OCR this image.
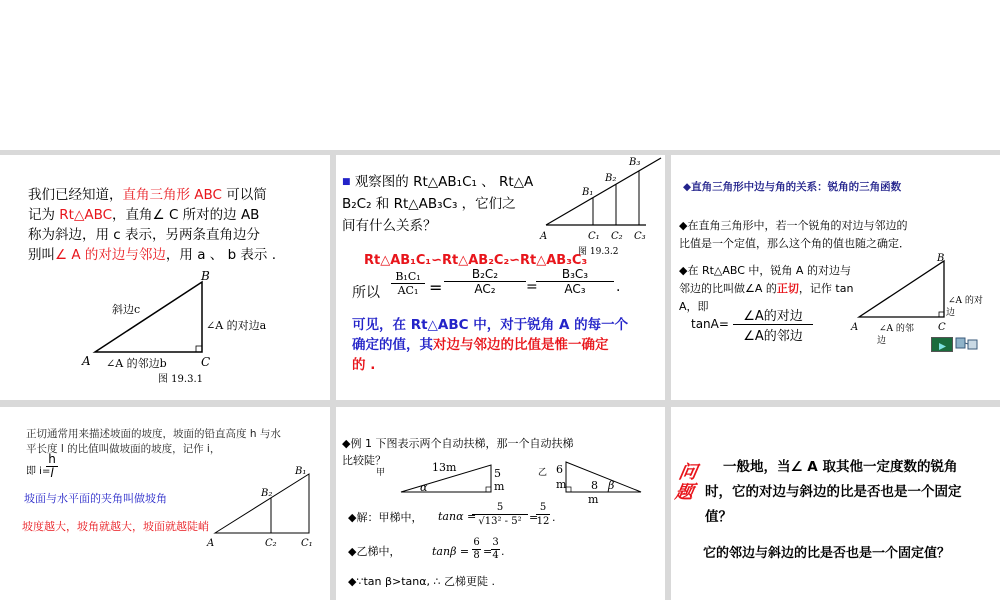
我们已经知道，直角三角形 ABC 可以简
记为 Rt△ABC，直角∠ C 所对的边 AB
称为斜边，用 c 表示，另两条直角边分
别叫∠ A 的对边与邻边，用 a 、 b 表示 .
B
A	C
斜边c
∠A 的对边a
∠A 的邻边b
图 19.3.1
■ 观察图的 Rt△AB₁C₁ 、 Rt△A
B₂C₂ 和 Rt△AB₃C₃ ，它们之
间有什么关系？
A
B₁
B₂
B₃
C₁ C₂ C₃
图 19.3.2
Rt△AB₁C₁∽Rt△AB₂C₂∽Rt△AB₃C₃
所以 $\frac{\text{B₁C₁}}{\text{AC₁}} = \frac{\text{B₂C₂}}{\text{AC₂}}$ =
$\frac{\text{B₃C₃}}{\text{AC₃}}$ .
可见，在 Rt△ABC 中，对于锐角 A 的每一个
确定的值，其对边与邻边的比值是惟一确定
的 .
◆直角三角形中边与角的关系：锐角的三角函数
◆在直角三角形中，若一个锐角的对边与邻边的
比值是一个定值，那么这个角的值也随之确定．
◆在 Rt△ABC 中，锐角 A 的对边与
邻边的比叫做∠A 的正切，记作 tan
A，即
tanA=	∠A的对边
∠A的邻边
B
A	C
∠A 的对
边
∠A 的邻
边
正切通常用来描述坡面的坡度，坡面的铅直高度 h 与水
平长度 l 的比值叫做坡面的坡度，记作 i，
即 i=
$\frac{h}{l}$
坡面与水平面的夹角叫做坡角
坡度越大，坡角就越大，坡面就越陡峭
A
B₁
B₂
C₂ C₁
◆例 1 下图表示两个自动扶梯，那一个自动扶梯
比较陡？
甲	13m	5
m
α
乙 6
m 8
m
β
◆解：甲梯中， tanα =
$\frac{5}{\text{√13² - 5²}}$ =
$\frac{5}{12}$ .
◆乙梯中，	$\tan\beta = \frac{6}{8}$ =
$\frac{3}{4}$ .
◆∵tan β>tanα, ∴ 乙梯更陡 .
问
题
一般地，当∠ A 取其他一定度数的锐角
时，它的对边与斜边的比是否也是一个固定
值？
它的邻边与斜边的比是否也是一个固定值？
